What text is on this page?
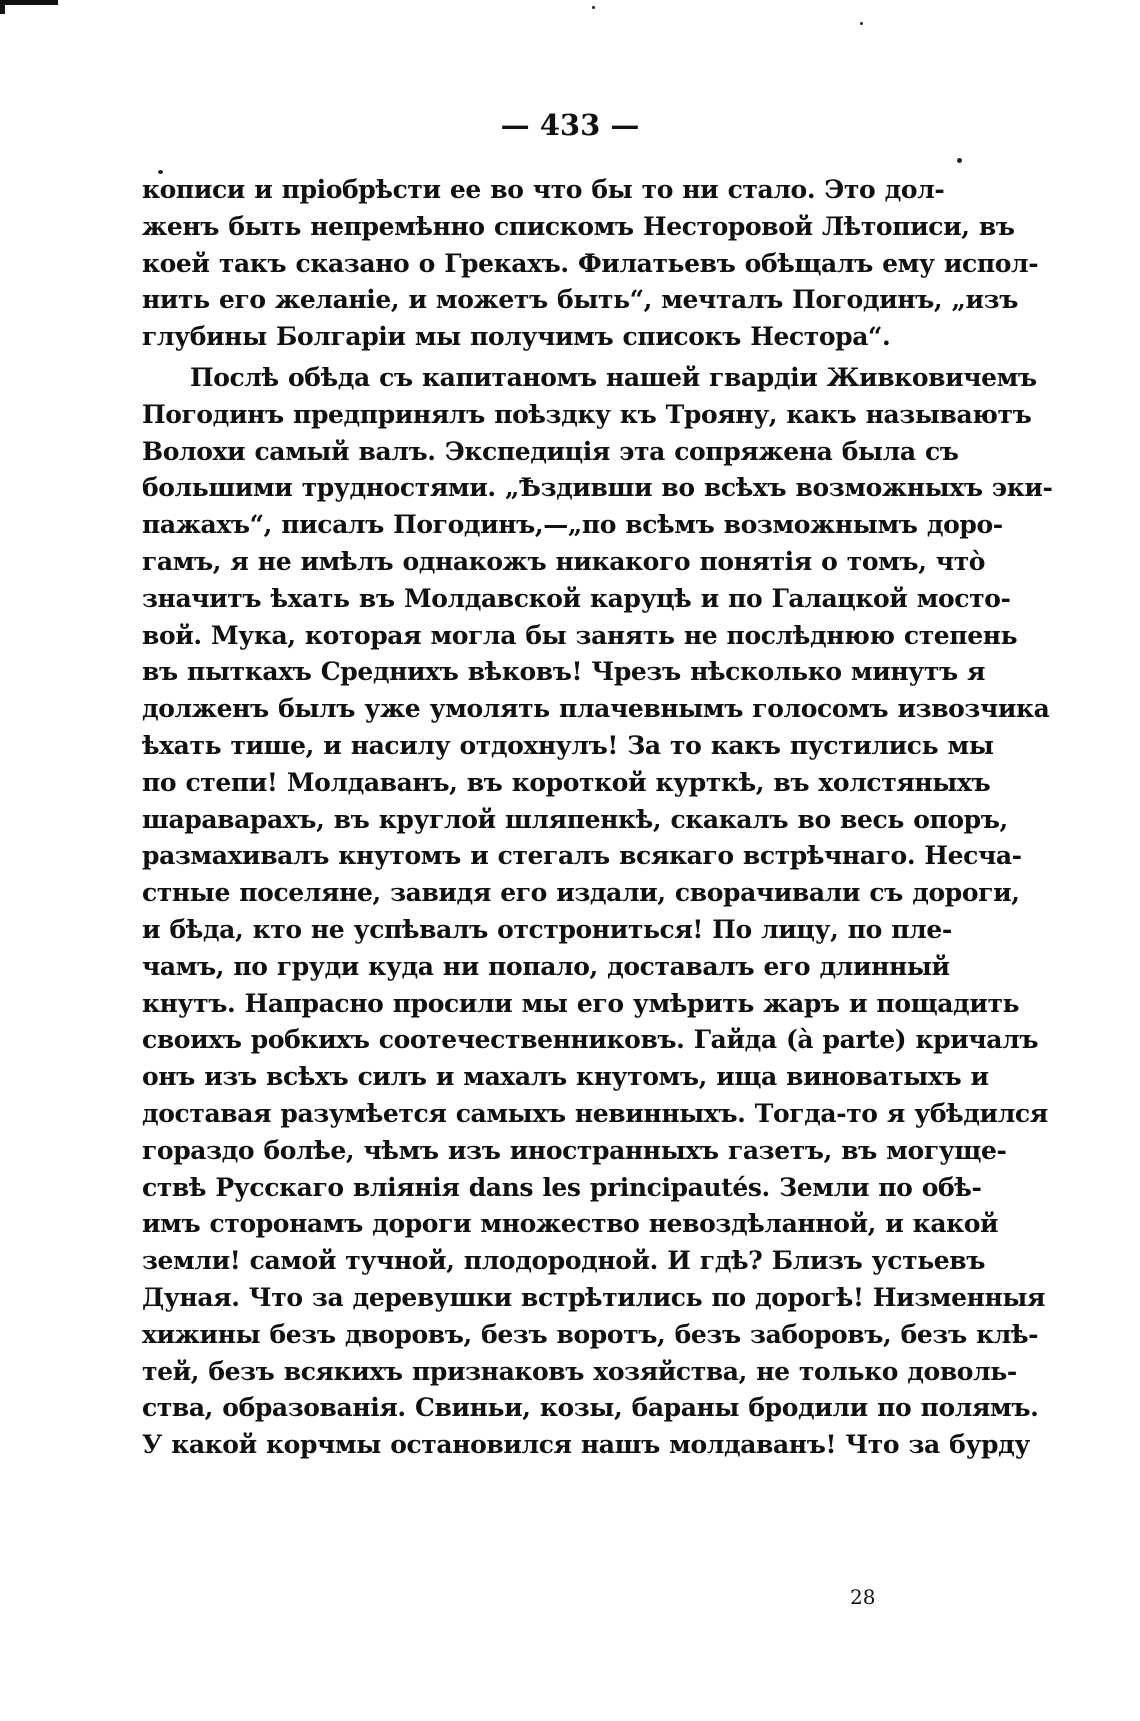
— 433 —
кописи и пріобрѣсти ее во что бы то ни стало. Это дол-
женъ быть непремѣнно спискомъ Несторовой Лѣтописи, въ
коей такъ сказано о Грекахъ. Филатьевъ обѣщалъ ему испол-
нить его желаніе, и можетъ быть“, мечталъ Погодинъ, „изъ
глубины Болгаріи мы получимъ списокъ Нестора“.
Послѣ обѣда съ капитаномъ нашей гвардіи Живковичемъ
Погодинъ предпринялъ поѣздку къ Трояну, какъ называютъ
Волохи самый валъ. Экспедиція эта сопряжена была съ
большими трудностями. „Ѣздивши во всѣхъ возможныхъ эки-
пажахъ“, писалъ Погодинъ,—„по всѣмъ возможнымъ доро-
гамъ, я не имѣлъ однакожъ никакого понятія о томъ, что̀
значитъ ѣхать въ Молдавской каруцѣ и по Галацкой мосто-
вой. Мука, которая могла бы занять не послѣднюю степень
въ пыткахъ Среднихъ вѣковъ! Чрезъ нѣсколько минутъ я
долженъ былъ уже умолять плачевнымъ голосомъ извозчика
ѣхать тише, и насилу отдохнулъ! За то какъ пустились мы
по степи! Молдаванъ, въ короткой курткѣ, въ холстяныхъ
шараварахъ, въ круглой шляпенкѣ, скакалъ во весь опоръ,
размахивалъ кнутомъ и стегалъ всякаго встрѣчнаго. Несча-
стные поселяне, завидя его издали, сворачивали съ дороги,
и бѣда, кто не успѣвалъ отстрониться! По лицу, по пле-
чамъ, по груди куда ни попало, доставалъ его длинный
кнутъ. Напрасно просили мы его умѣрить жаръ и пощадить
своихъ робкихъ соотечественниковъ. Гайда (à parte) кричалъ
онъ изъ всѣхъ силъ и махалъ кнутомъ, ища виноватыхъ и
доставая разумѣется самыхъ невинныхъ. Тогда-то я убѣдился
гораздо болѣе, чѣмъ изъ иностранныхъ газетъ, въ могуще-
ствѣ Русскаго вліянія dans les principautés. Земли по обѣ-
имъ сторонамъ дороги множество невоздѣланной, и какой
земли! самой тучной, плодородной. И гдѣ? Близъ устьевъ
Дуная. Что за деревушки встрѣтились по дорогѣ! Низменныя
хижины безъ дворовъ, безъ воротъ, безъ заборовъ, безъ клѣ-
тей, безъ всякихъ признаковъ хозяйства, не только доволь-
ства, образованія. Свиньи, козы, бараны бродили по полямъ.
У какой корчмы остановился нашъ молдаванъ! Что за бурду
28
